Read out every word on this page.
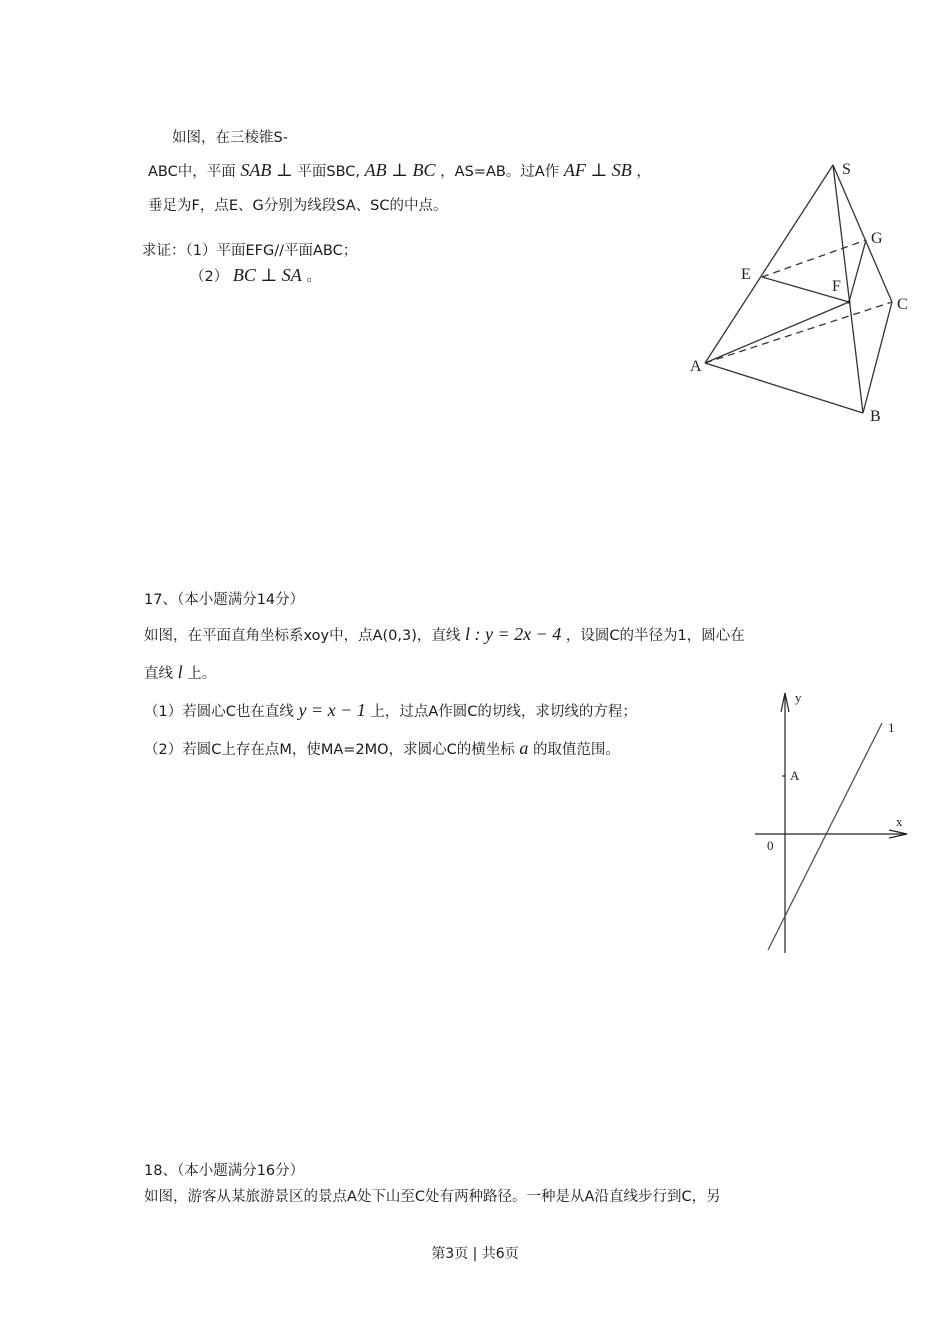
如图，在三棱锥S-
ABC中，平面 SAB ⊥ 平面SBC, AB ⊥ BC ，AS=AB。过A作 AF ⊥ SB ，
垂足为F，点E、G分别为线段SA、SC的中点。
求证：（1）平面EFG//平面ABC；
（2） BC ⊥ SA 。
S
G
E
F
C
A
B
17、（本小题满分14分）
如图，在平面直角坐标系xoy中，点A(0,3)，直线 l : y = 2x − 4 ，设圆C的半径为1，圆心在
直线 l 上。
（1）若圆心C也在直线 y = x − 1 上，过点A作圆C的切线，求切线的方程；
（2）若圆C上存在点M，使MA=2MO，求圆心C的横坐标 a 的取值范围。
y
x
0
A
1
18、（本小题满分16分）
如图，游客从某旅游景区的景点A处下山至C处有两种路径。一种是从A沿直线步行到C，另
第3页 | 共6页
